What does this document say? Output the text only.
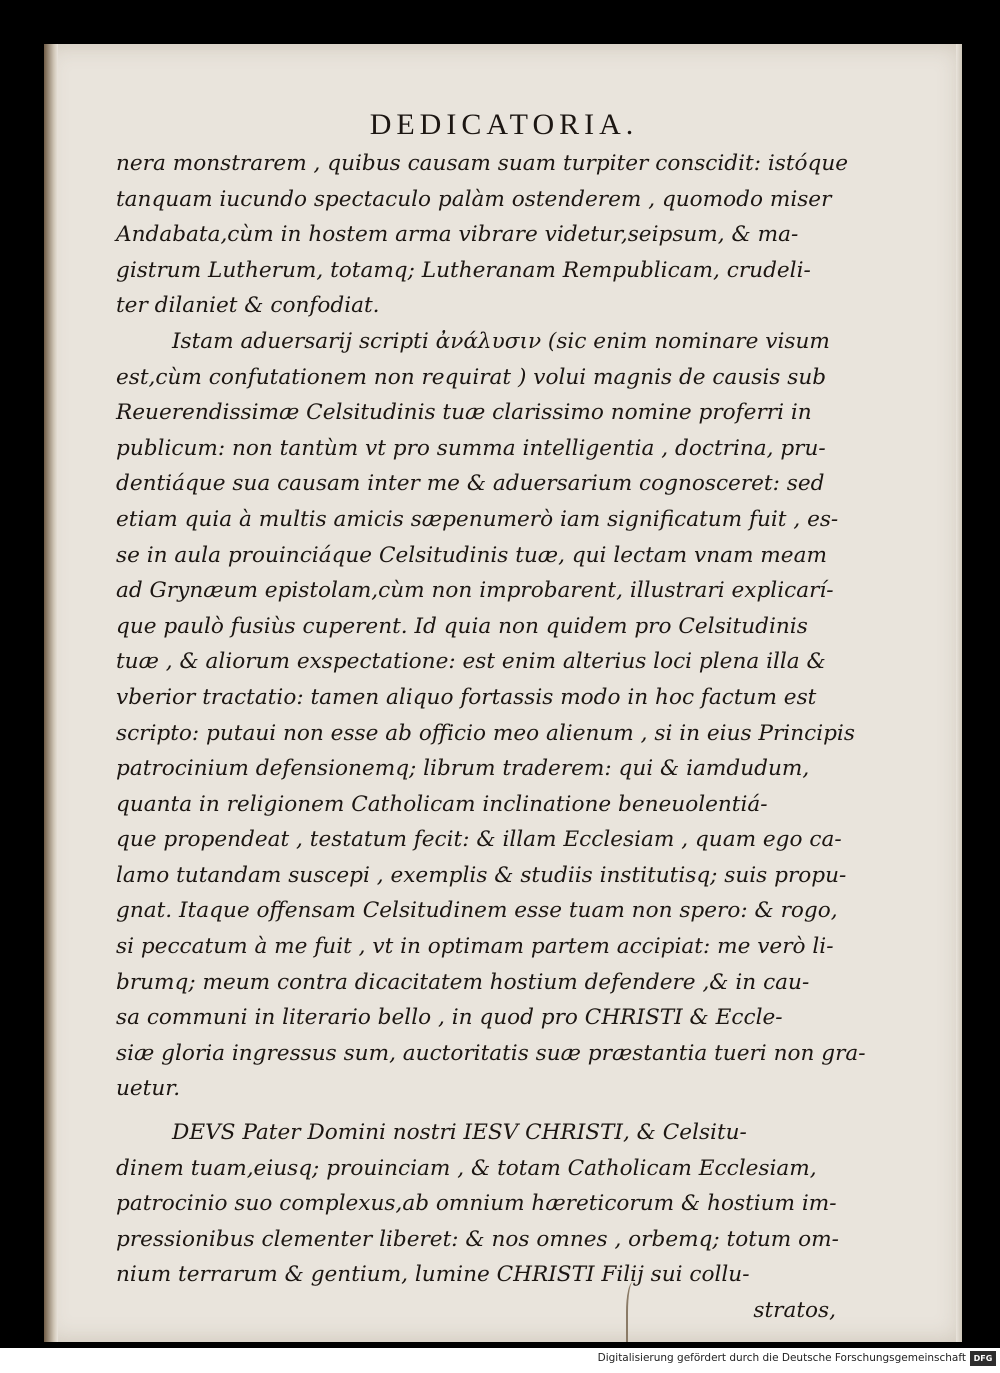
DEDICATORIA.
nera monstrarem , quibus causam suam turpiter conscidit: istóque
tanquam iucundo spectaculo palàm ostenderem , quomodo miser
Andabata,cùm in hostem arma vibrare videtur,seipsum, & ma-
gistrum Lutherum, totamq; Lutheranam Rempublicam, crudeli-
ter dilaniet & confodiat.
Istam aduersarij scripti ἀνάλυσιν (sic enim nominare visum
est,cùm confutationem non requirat ) volui magnis de causis sub
Reuerendissimæ Celsitudinis tuæ clarissimo nomine proferri in
publicum: non tantùm vt pro summa intelligentia , doctrina, pru-
dentiáque sua causam inter me & aduersarium cognosceret: sed
etiam quia à multis amicis sæpenumerò iam significatum fuit , es-
se in aula prouinciáque Celsitudinis tuæ, qui lectam vnam meam
ad Grynæum epistolam,cùm non improbarent, illustrari explicarí-
que paulò fusiùs cuperent. Id quia non quidem pro Celsitudinis
tuæ , & aliorum exspectatione: est enim alterius loci plena illa &
vberior tractatio: tamen aliquo fortassis modo in hoc factum est
scripto: putaui non esse ab officio meo alienum , si in eius Principis
patrocinium defensionemq; librum traderem: qui & iamdudum,
quanta in religionem Catholicam inclinatione beneuolentiá-
que propendeat , testatum fecit: & illam Ecclesiam , quam ego ca-
lamo tutandam suscepi , exemplis & studiis institutisq; suis propu-
gnat. Itaque offensam Celsitudinem esse tuam non spero: & rogo,
si peccatum à me fuit , vt in optimam partem accipiat: me verò li-
brumq; meum contra dicacitatem hostium defendere ,& in cau-
sa communi in literario bello , in quod pro CHRISTI & Eccle-
siæ gloria ingressus sum, auctoritatis suæ præstantia tueri non gra-
uetur.
DEVS Pater Domini nostri IESV CHRISTI, & Celsitu-
dinem tuam,eiusq; prouinciam , & totam Catholicam Ecclesiam,
patrocinio suo complexus,ab omnium hæreticorum & hostium im-
pressionibus clementer liberet: & nos omnes , orbemq; totum om-
nium terrarum & gentium, lumine CHRISTI Filij sui collu-
stratos,
Digitalisierung gefördert durch die Deutsche Forschungsgemeinschaft DFG
